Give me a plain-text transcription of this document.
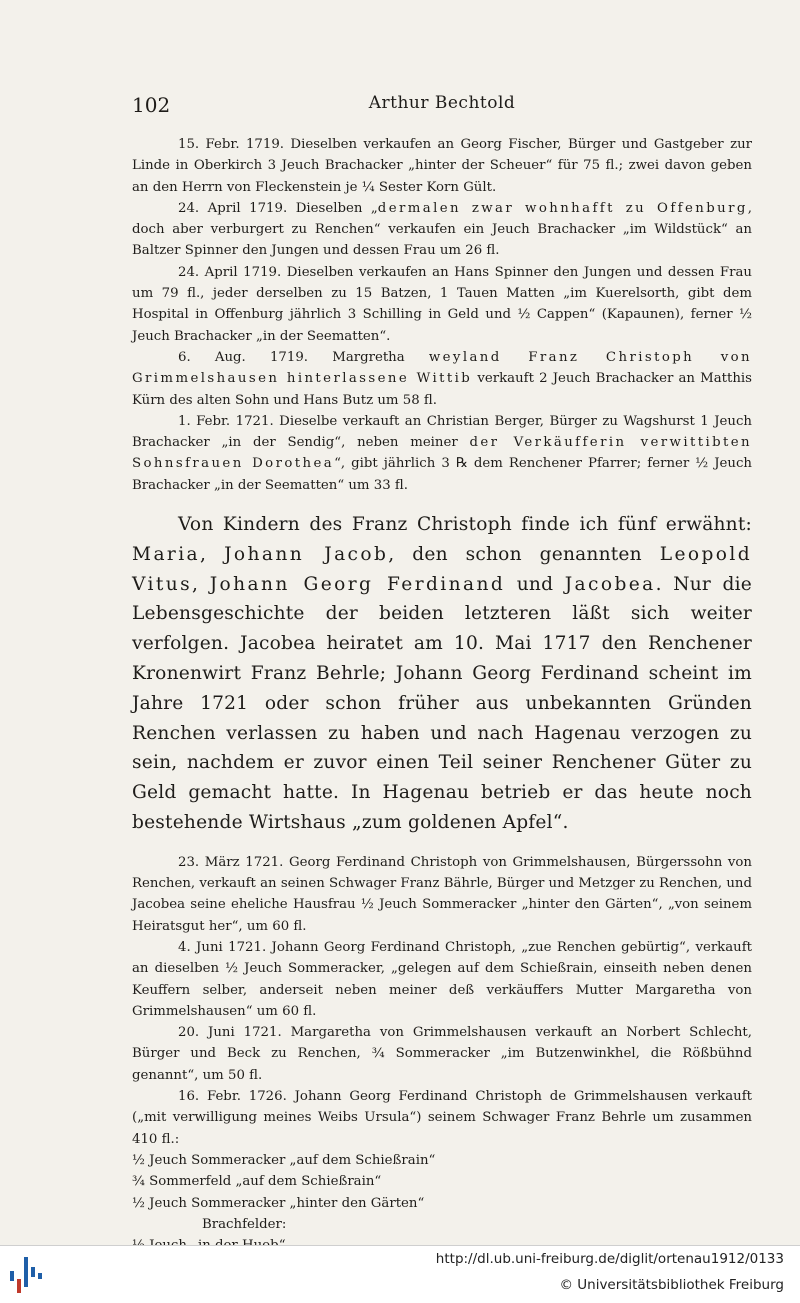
102	Arthur Bechtold

15. Febr. 1719. Dieselben verkaufen an Georg Fischer, Bürger und Gastgeber zur Linde in Oberkirch 3 Jeuch Brachacker „hinter der Scheuer“ für 75 fl.; zwei davon geben an den Herrn von Fleckenstein je ¼ Sester Korn Gült.

24. April 1719. Dieselben „dermalen zwar wohnhafft zu Offenburg, doch aber verburgert zu Renchen“ verkaufen ein Jeuch Brachacker „im Wildstück“ an Baltzer Spinner den Jungen und dessen Frau um 26 fl.

24. April 1719. Dieselben verkaufen an Hans Spinner den Jungen und dessen Frau um 79 fl., jeder derselben zu 15 Batzen, 1 Tauen Matten „im Kuerelsorth, gibt dem Hospital in Offenburg jährlich 3 Schilling in Geld und ½ Cappen“ (Kapaunen), ferner ½ Jeuch Brachacker „in der Seematten“.

6. Aug. 1719. Margretha weyland Franz Christoph von Grimmelshausen hinterlassene Wittib verkauft 2 Jeuch Brachacker an Matthis Kürn des alten Sohn und Hans Butz um 58 fl.

1. Febr. 1721. Dieselbe verkauft an Christian Berger, Bürger zu Wagshurst 1 Jeuch Brachacker „in der Sendig“, neben meiner der Verkäufferin verwittibten Sohnsfrauen Dorothea“, gibt jährlich 3 ℞ dem Renchener Pfarrer; ferner ½ Jeuch Brachacker „in der Seematten“ um 33 fl.

Von Kindern des Franz Christoph finde ich fünf erwähnt: Maria, Johann Jacob, den schon genannten Leopold Vitus, Johann Georg Ferdinand und Jacobea. Nur die Lebensgeschichte der beiden letzteren läßt sich weiter verfolgen. Jacobea heiratet am 10. Mai 1717 den Renchener Kronenwirt Franz Behrle; Johann Georg Ferdinand scheint im Jahre 1721 oder schon früher aus unbekannten Gründen Renchen verlassen zu haben und nach Hagenau verzogen zu sein, nachdem er zuvor einen Teil seiner Renchener Güter zu Geld gemacht hatte. In Hagenau betrieb er das heute noch bestehende Wirtshaus „zum goldenen Apfel“.

23. März 1721. Georg Ferdinand Christoph von Grimmelshausen, Bürgerssohn von Renchen, verkauft an seinen Schwager Franz Bährle, Bürger und Metzger zu Renchen, und Jacobea seine eheliche Hausfrau ½ Jeuch Sommeracker „hinter den Gärten“, „von seinem Heiratsgut her“, um 60 fl.

4. Juni 1721. Johann Georg Ferdinand Christoph, „zue Renchen gebürtig“, verkauft an dieselben ½ Jeuch Sommeracker, „gelegen auf dem Schießrain, einseith neben denen Keuffern selber, anderseit neben meiner deß verkäuffers Mutter Margaretha von Grimmelshausen“ um 60 fl.

20. Juni 1721. Margaretha von Grimmelshausen verkauft an Norbert Schlecht, Bürger und Beck zu Renchen, ¾ Sommeracker „im Butzenwinkhel, die Rößbühnd genannt“, um 50 fl.

16. Febr. 1726. Johann Georg Ferdinand Christoph de Grimmelshausen verkauft („mit verwilligung meines Weibs Ursula“) seinem Schwager Franz Behrle um zusammen 410 fl.:

½ Jeuch Sommeracker „auf dem Schießrain“
¾ Sommerfeld „auf dem Schießrain“
½ Jeuch Sommeracker „hinter den Gärten“
Brachfelder:
http://dl.ub.uni-freiburg.de/diglit/ortenau1912/0133
© Universitätsbibliothek Freiburg
